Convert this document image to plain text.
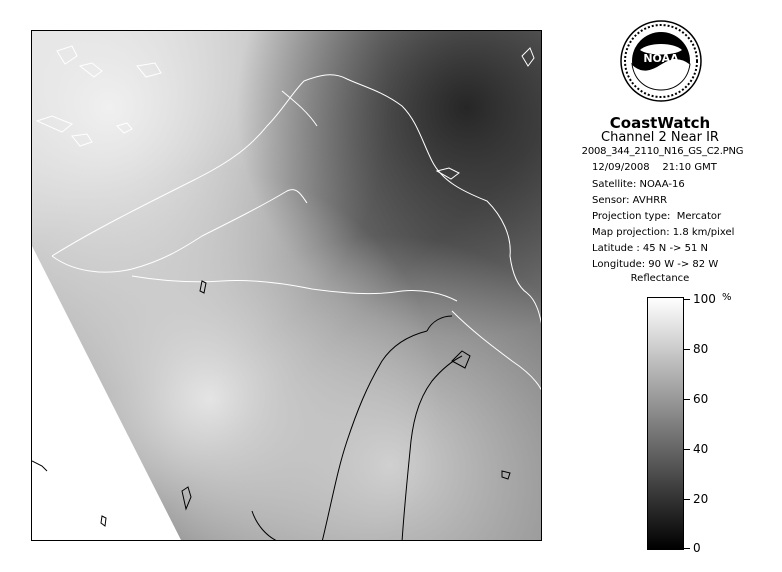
NOAA
CoastWatch
Channel 2 Near IR
2008_344_2110_N16_GS_C2.PNG
12/09/2008    21:10 GMT
Satellite: NOAA-16
Sensor: AVHRR
Projection type:  Mercator
Map projection: 1.8 km/pixel
Latitude : 45 N -> 51 N
Longitude: 90 W -> 82 W
Reflectance
%
100
80
60
40
20
0
